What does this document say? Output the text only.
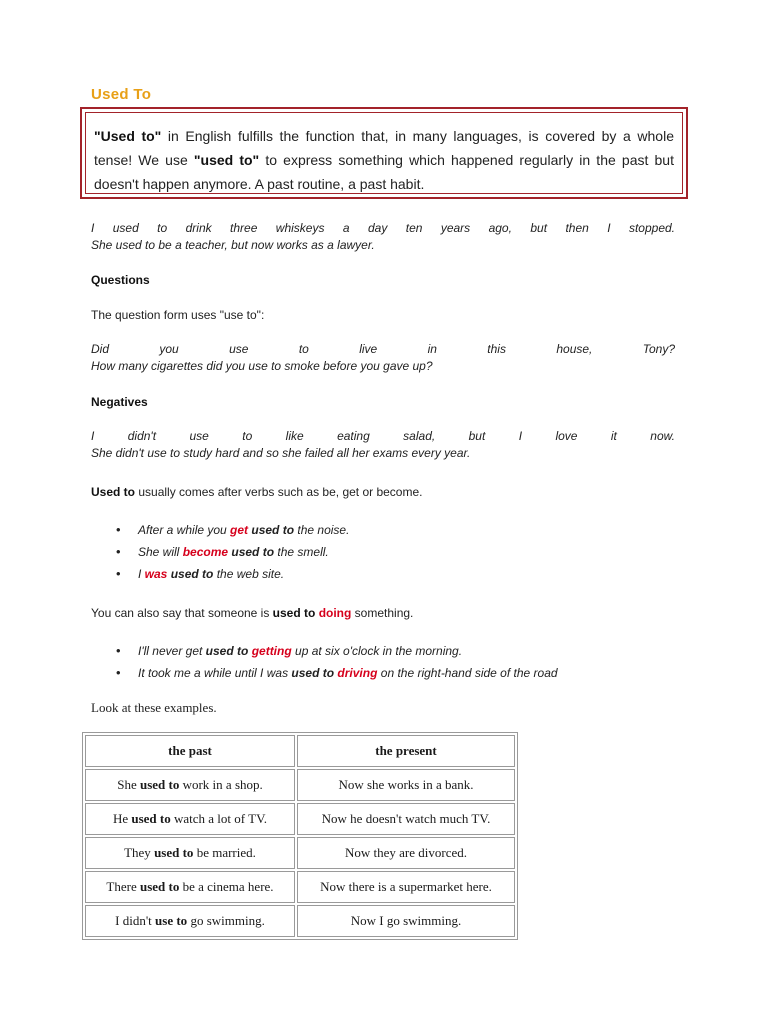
Used To
"Used to" in English fulfills the function that, in many languages, is covered by a whole tense! We use "used to" to express something which happened regularly in the past but doesn't happen anymore. A past routine, a past habit.
I used to drink three whiskeys a day ten years ago, but then I stopped.
She used to be a teacher, but now works as a lawyer.
Questions
The question form uses "use to":
Did you use to live in this house, Tony?
How many cigarettes did you use to smoke before you gave up?
Negatives
I didn't use to like eating salad, but I love it now.
She didn't use to study hard and so she failed all her exams every year.
Used to usually comes after verbs such as be, get or become.
• After a while you get used to the noise.
• She will become used to the smell.
• I was used to the web site.
You can also say that someone is used to doing something.
• I'll never get used to getting up at six o'clock in the morning.
• It took me a while until I was used to driving on the right-hand side of the road
Look at these examples.
the past	the present
She used to work in a shop.	Now she works in a bank.
He used to watch a lot of TV.	Now he doesn't watch much TV.
They used to be married.	Now they are divorced.
There used to be a cinema here.	Now there is a supermarket here.
I didn't use to go swimming.	Now I go swimming.
